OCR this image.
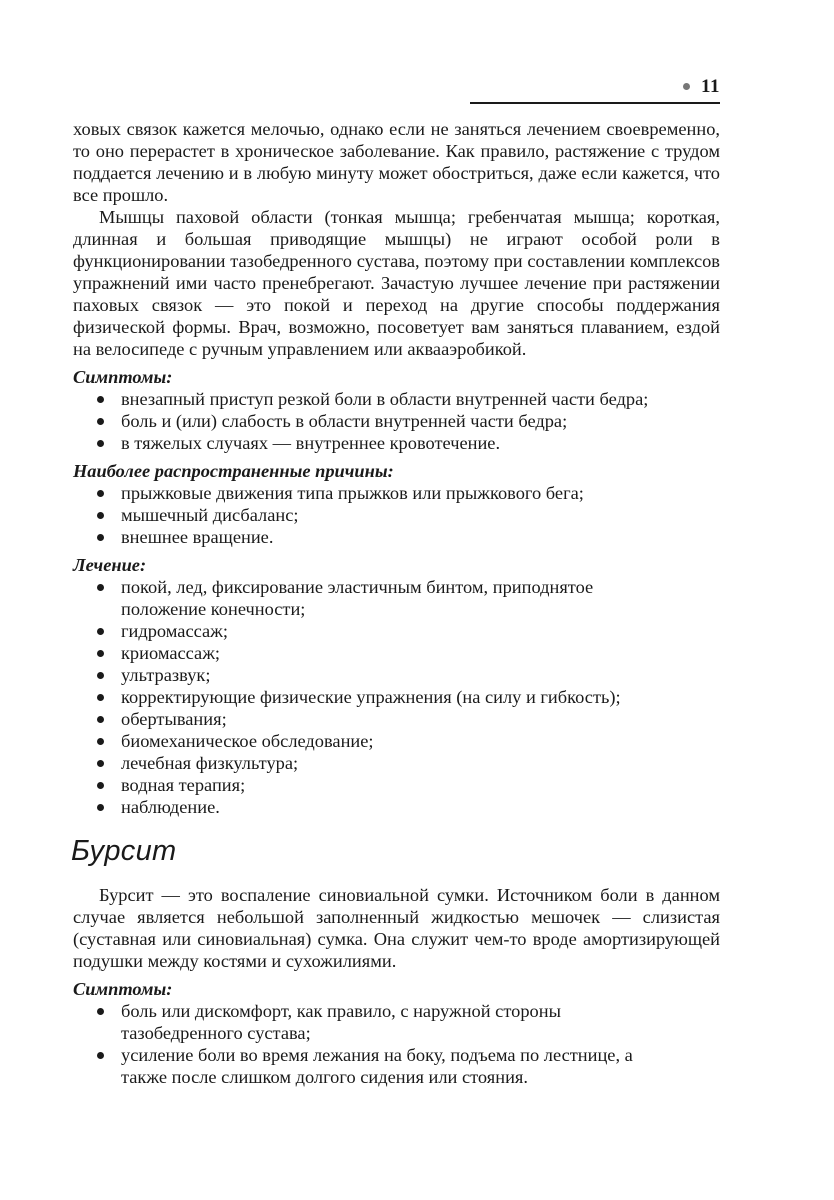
11

ховых связок кажется мелочью, однако если не заняться лечением своевременно, то оно перерастет в хроническое заболевание. Как правило, растяжение с трудом поддается лечению и в любую минуту может обостриться, даже если кажется, что все прошло.

Мышцы паховой области (тонкая мышца; гребенчатая мышца; короткая, длинная и большая приводящие мышцы) не играют особой роли в функционировании тазобедренного сустава, поэтому при составлении комплексов упражнений ими часто пренебрегают. Зачастую лучшее лечение при растяжении паховых связок — это покой и переход на другие способы поддержания физической формы. Врач, возможно, посоветует вам заняться плаванием, ездой на велосипеде с ручным управлением или аквааэробикой.

Симптомы:
внезапный приступ резкой боли в области внутренней части бедра;
боль и (или) слабость в области внутренней части бедра;
в тяжелых случаях — внутреннее кровотечение.
Наиболее распространенные причины:
прыжковые движения типа прыжков или прыжкового бега;
мышечный дисбаланс;
внешнее вращение.
Лечение:
покой, лед, фиксирование эластичным бинтом, приподнятое положение конечности;
гидромассаж;
криомассаж;
ультразвук;
корректирующие физические упражнения (на силу и гибкость);
обертывания;
биомеханическое обследование;
лечебная физкультура;
водная терапия;
наблюдение.
Бурсит

Бурсит — это воспаление синовиальной сумки. Источником боли в данном случае является небольшой заполненный жидкостью мешочек — слизистая (суставная или синовиальная) сумка. Она служит чем-то вроде амортизирующей подушки между костями и сухожилиями.

Симптомы:
боль или дискомфорт, как правило, с наружной стороны тазобедренного сустава;
усиление боли во время лежания на боку, подъема по лестнице, а также после слишком долгого сидения или стояния.
